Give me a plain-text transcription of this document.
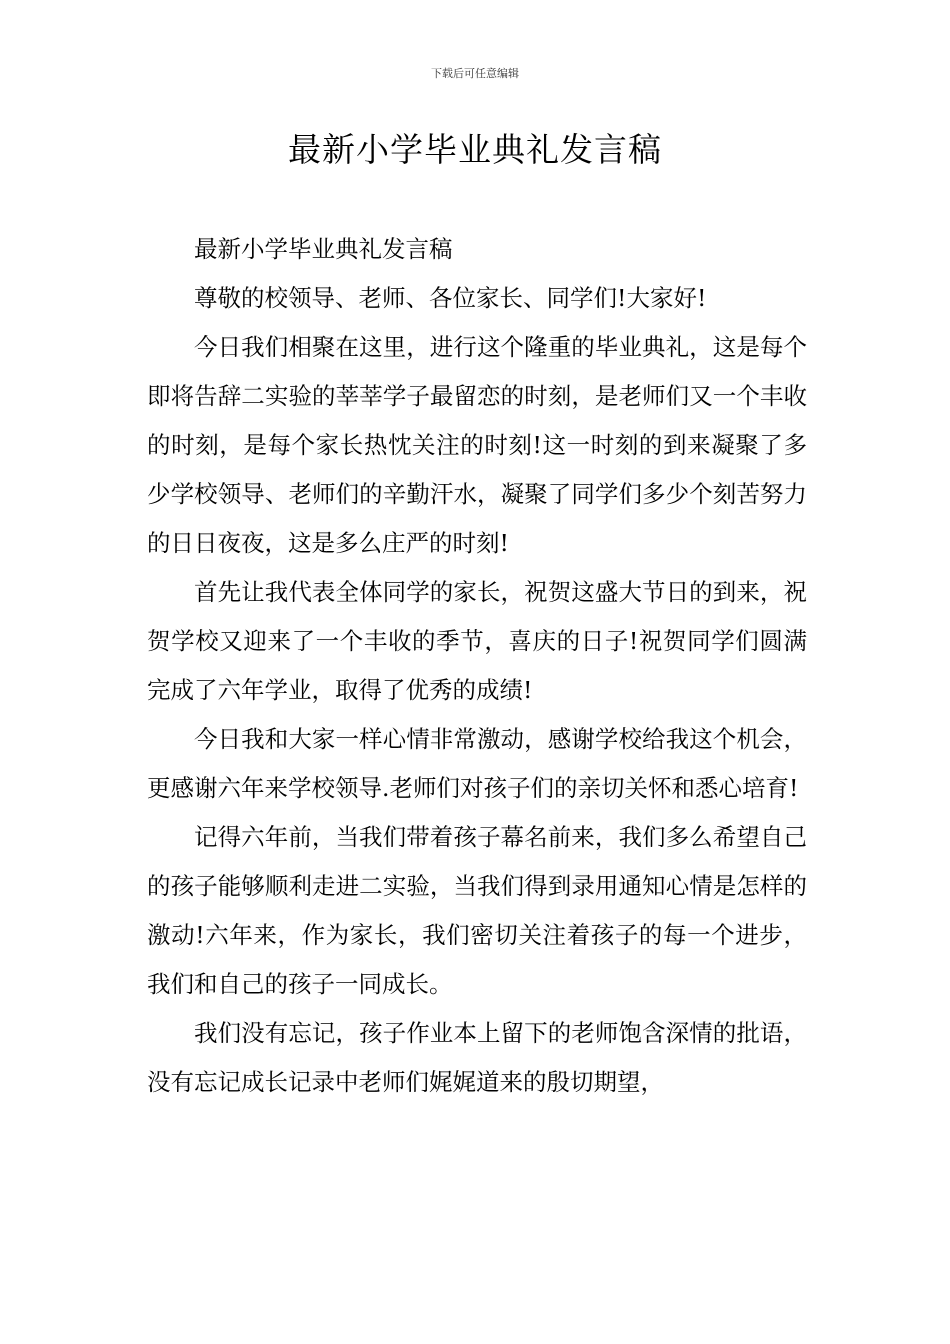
下载后可任意编辑
最新小学毕业典礼发言稿

最新小学毕业典礼发言稿

尊敬的校领导、老师、各位家长、同学们!大家好!

今日我们相聚在这里，进行这个隆重的毕业典礼，这是每个即将告辞二实验的莘莘学子最留恋的时刻，是老师们又一个丰收的时刻，是每个家长热忱关注的时刻!这一时刻的到来凝聚了多少学校领导、老师们的辛勤汗水，凝聚了同学们多少个刻苦努力的日日夜夜，这是多么庄严的时刻!

首先让我代表全体同学的家长，祝贺这盛大节日的到来，祝贺学校又迎来了一个丰收的季节，喜庆的日子!祝贺同学们圆满完成了六年学业，取得了优秀的成绩!

今日我和大家一样心情非常激动，感谢学校给我这个机会，更感谢六年来学校领导.老师们对孩子们的亲切关怀和悉心培育!

记得六年前，当我们带着孩子幕名前来，我们多么希望自己的孩子能够顺利走进二实验，当我们得到录用通知心情是怎样的激动!六年来，作为家长，我们密切关注着孩子的每一个进步，我们和自己的孩子一同成长。

我们没有忘记，孩子作业本上留下的老师饱含深情的批语，没有忘记成长记录中老师们娓娓道来的殷切期望，
